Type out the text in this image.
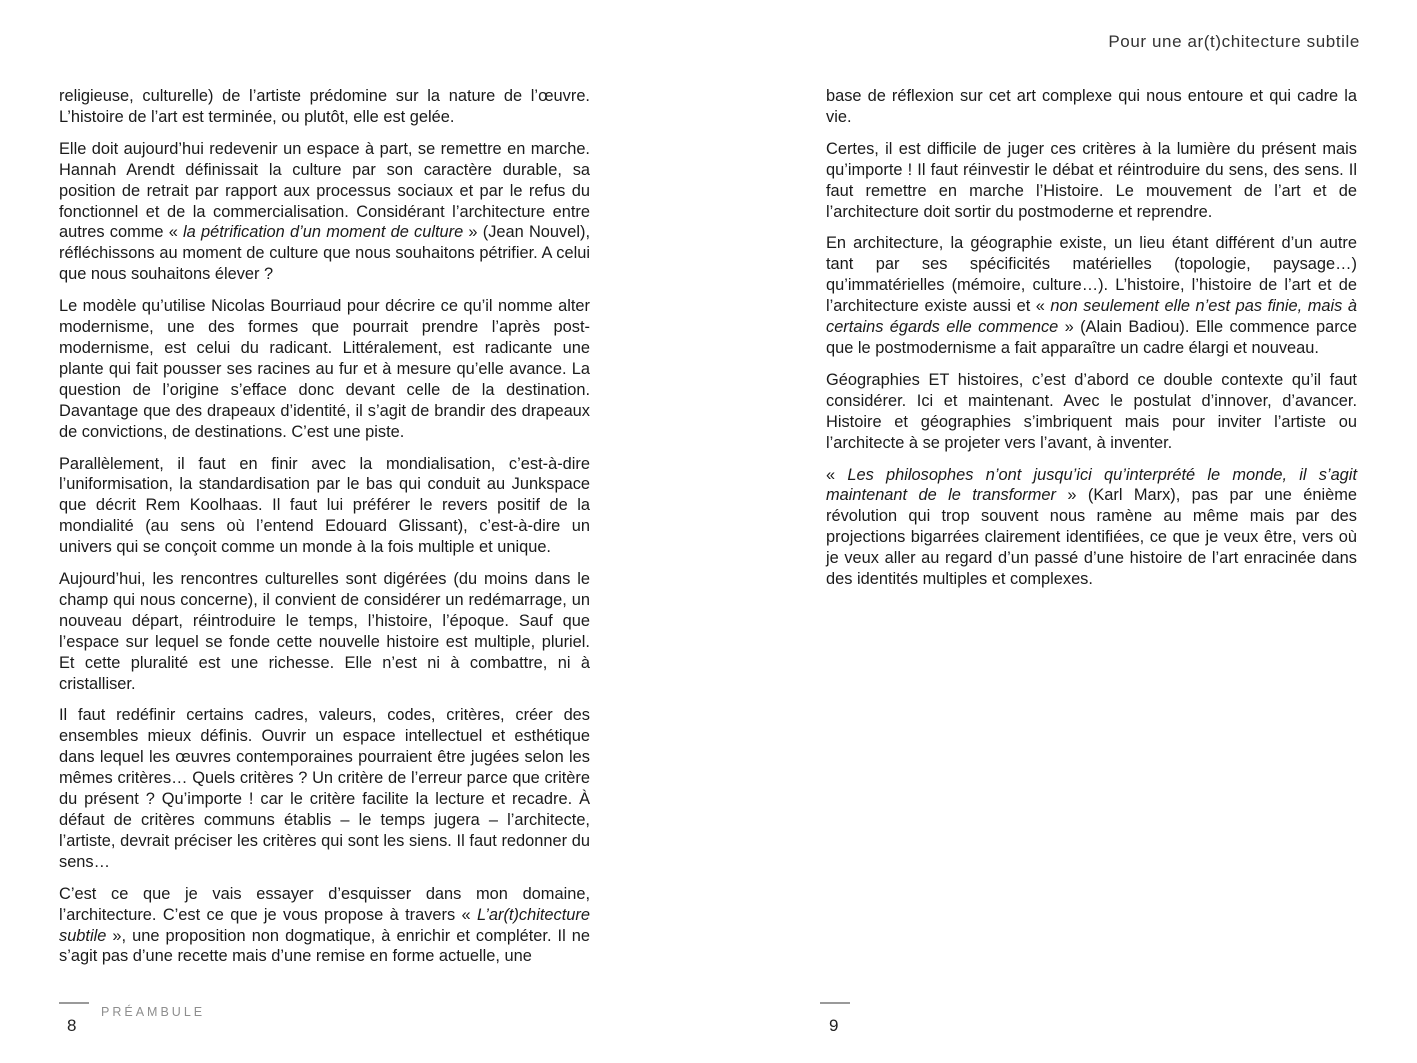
religieuse, culturelle) de l’artiste prédomine sur la nature de l’œuvre. L’histoire de l’art est terminée, ou plutôt, elle est gelée.

Elle doit aujourd’hui redevenir un espace à part, se remettre en marche. Hannah Arendt définissait la culture par son caractère durable, sa position de retrait par rapport aux processus sociaux et par le refus du fonctionnel et de la commercialisation. Considérant l’architecture entre autres comme « la pétrification d’un moment de culture » (Jean Nouvel), réfléchissons au moment de culture que nous souhaitons pétrifier. A celui que nous souhaitons élever ?

Le modèle qu’utilise Nicolas Bourriaud pour décrire ce qu’il nomme alter modernisme, une des formes que pourrait prendre l’après post-modernisme, est celui du radicant. Littéralement, est radicante une plante qui fait pousser ses racines au fur et à mesure qu’elle avance. La question de l’origine s’efface donc devant celle de la destination. Davantage que des drapeaux d’identité, il s’agit de brandir des drapeaux de convictions, de destinations. C’est une piste.

Parallèlement, il faut en finir avec la mondialisation, c’est-à-dire l’uniformisation, la standardisation par le bas qui conduit au Junkspace que décrit Rem Koolhaas. Il faut lui préférer le revers positif de la mondialité (au sens où l’entend Edouard Glissant), c’est-à-dire un univers qui se conçoit comme un monde à la fois multiple et unique.

Aujourd’hui, les rencontres culturelles sont digérées (du moins dans le champ qui nous concerne), il convient de considérer un redémarrage, un nouveau départ, réintroduire le temps, l’histoire, l’époque. Sauf que l’espace sur lequel se fonde cette nouvelle histoire est multiple, pluriel. Et cette pluralité est une richesse. Elle n’est ni à combattre, ni à cristalliser.

Il faut redéfinir certains cadres, valeurs, codes, critères, créer des ensembles mieux définis. Ouvrir un espace intellectuel et esthétique dans lequel les œuvres contemporaines pourraient être jugées selon les mêmes critères… Quels critères ? Un critère de l’erreur parce que critère du présent ? Qu’importe ! car le critère facilite la lecture et recadre. À défaut de critères communs établis – le temps jugera – l’architecte, l’artiste, devrait préciser les critères qui sont les siens. Il faut redonner du sens…

C’est ce que je vais essayer d’esquisser dans mon domaine, l’architecture. C’est ce que je vous propose à travers « L’ar(t)chitecture subtile », une proposition non dogmatique, à enrichir et compléter. Il ne s’agit pas d’une recette mais d’une remise en forme actuelle, une

PRÉAMBULE
8
Pour une ar(t)chitecture subtile

base de réflexion sur cet art complexe qui nous entoure et qui cadre la vie.

Certes, il est difficile de juger ces critères à la lumière du présent mais qu’importe ! Il faut réinvestir le débat et réintroduire du sens, des sens. Il faut remettre en marche l’Histoire. Le mouvement de l’art et de l’architecture doit sortir du postmoderne et reprendre.

En architecture, la géographie existe, un lieu étant différent d’un autre tant par ses spécificités matérielles (topologie, paysage…) qu’immatérielles (mémoire, culture…). L’histoire, l’histoire de l’art et de l’architecture existe aussi et « non seulement elle n’est pas finie, mais à certains égards elle commence » (Alain Badiou). Elle commence parce que le postmodernisme a fait apparaître un cadre élargi et nouveau.

Géographies ET histoires, c’est d’abord ce double contexte qu’il faut considérer. Ici et maintenant. Avec le postulat d’innover, d’avancer. Histoire et géographies s’imbriquent mais pour inviter l’artiste ou l’architecte à se projeter vers l’avant, à inventer.

« Les philosophes n’ont jusqu’ici qu’interprété le monde, il s’agit maintenant de le transformer » (Karl Marx), pas par une énième révolution qui trop souvent nous ramène au même mais par des projections bigarrées clairement identifiées, ce que je veux être, vers où je veux aller au regard d’un passé d’une histoire de l’art enracinée dans des identités multiples et complexes.

9
